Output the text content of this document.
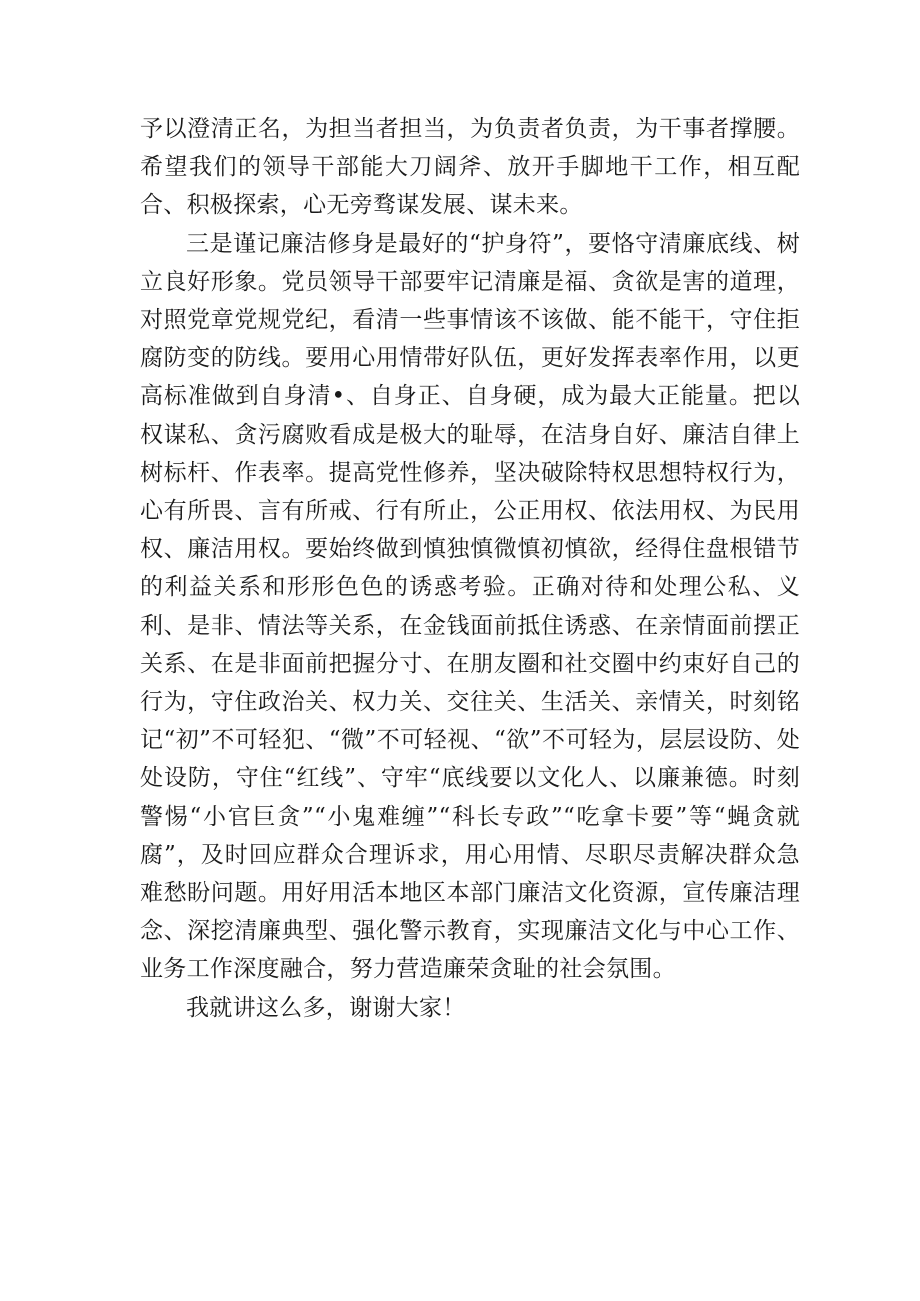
予以澄清正名，为担当者担当，为负责者负责，为干事者撑腰。希望我们的领导干部能大刀阔斧、放开手脚地干工作，相互配合、积极探索，心无旁骛谋发展、谋未来。

三是谨记廉洁修身是最好的“护身符”，要恪守清廉底线、树立良好形象。党员领导干部要牢记清廉是福、贪欲是害的道理，对照党章党规党纪，看清一些事情该不该做、能不能干，守住拒腐防变的防线。要用心用情带好队伍，更好发挥表率作用，以更高标准做到自身清•、自身正、自身硬，成为最大正能量。把以权谋私、贪污腐败看成是极大的耻辱，在洁身自好、廉洁自律上树标杆、作表率。提高党性修养，坚决破除特权思想特权行为，心有所畏、言有所戒、行有所止，公正用权、依法用权、为民用权、廉洁用权。要始终做到慎独慎微慎初慎欲，经得住盘根错节的利益关系和形形色色的诱惑考验。正确对待和处理公私、义利、是非、情法等关系，在金钱面前抵住诱惑、在亲情面前摆正关系、在是非面前把握分寸、在朋友圈和社交圈中约束好自己的行为，守住政治关、权力关、交往关、生活关、亲情关，时刻铭记“初”不可轻犯、“微”不可轻视、“欲”不可轻为，层层设防、处处设防，守住“红线”、守牢“底线要以文化人、以廉兼德。时刻警惕“小官巨贪”“小鬼难缠”“科长专政”“吃拿卡要”等“蝇贪就腐”，及时回应群众合理诉求，用心用情、尽职尽责解决群众急难愁盼问题。用好用活本地区本部门廉洁文化资源，宣传廉洁理念、深挖清廉典型、强化警示教育，实现廉洁文化与中心工作、业务工作深度融合，努力营造廉荣贪耻的社会氛围。

我就讲这么多，谢谢大家！
